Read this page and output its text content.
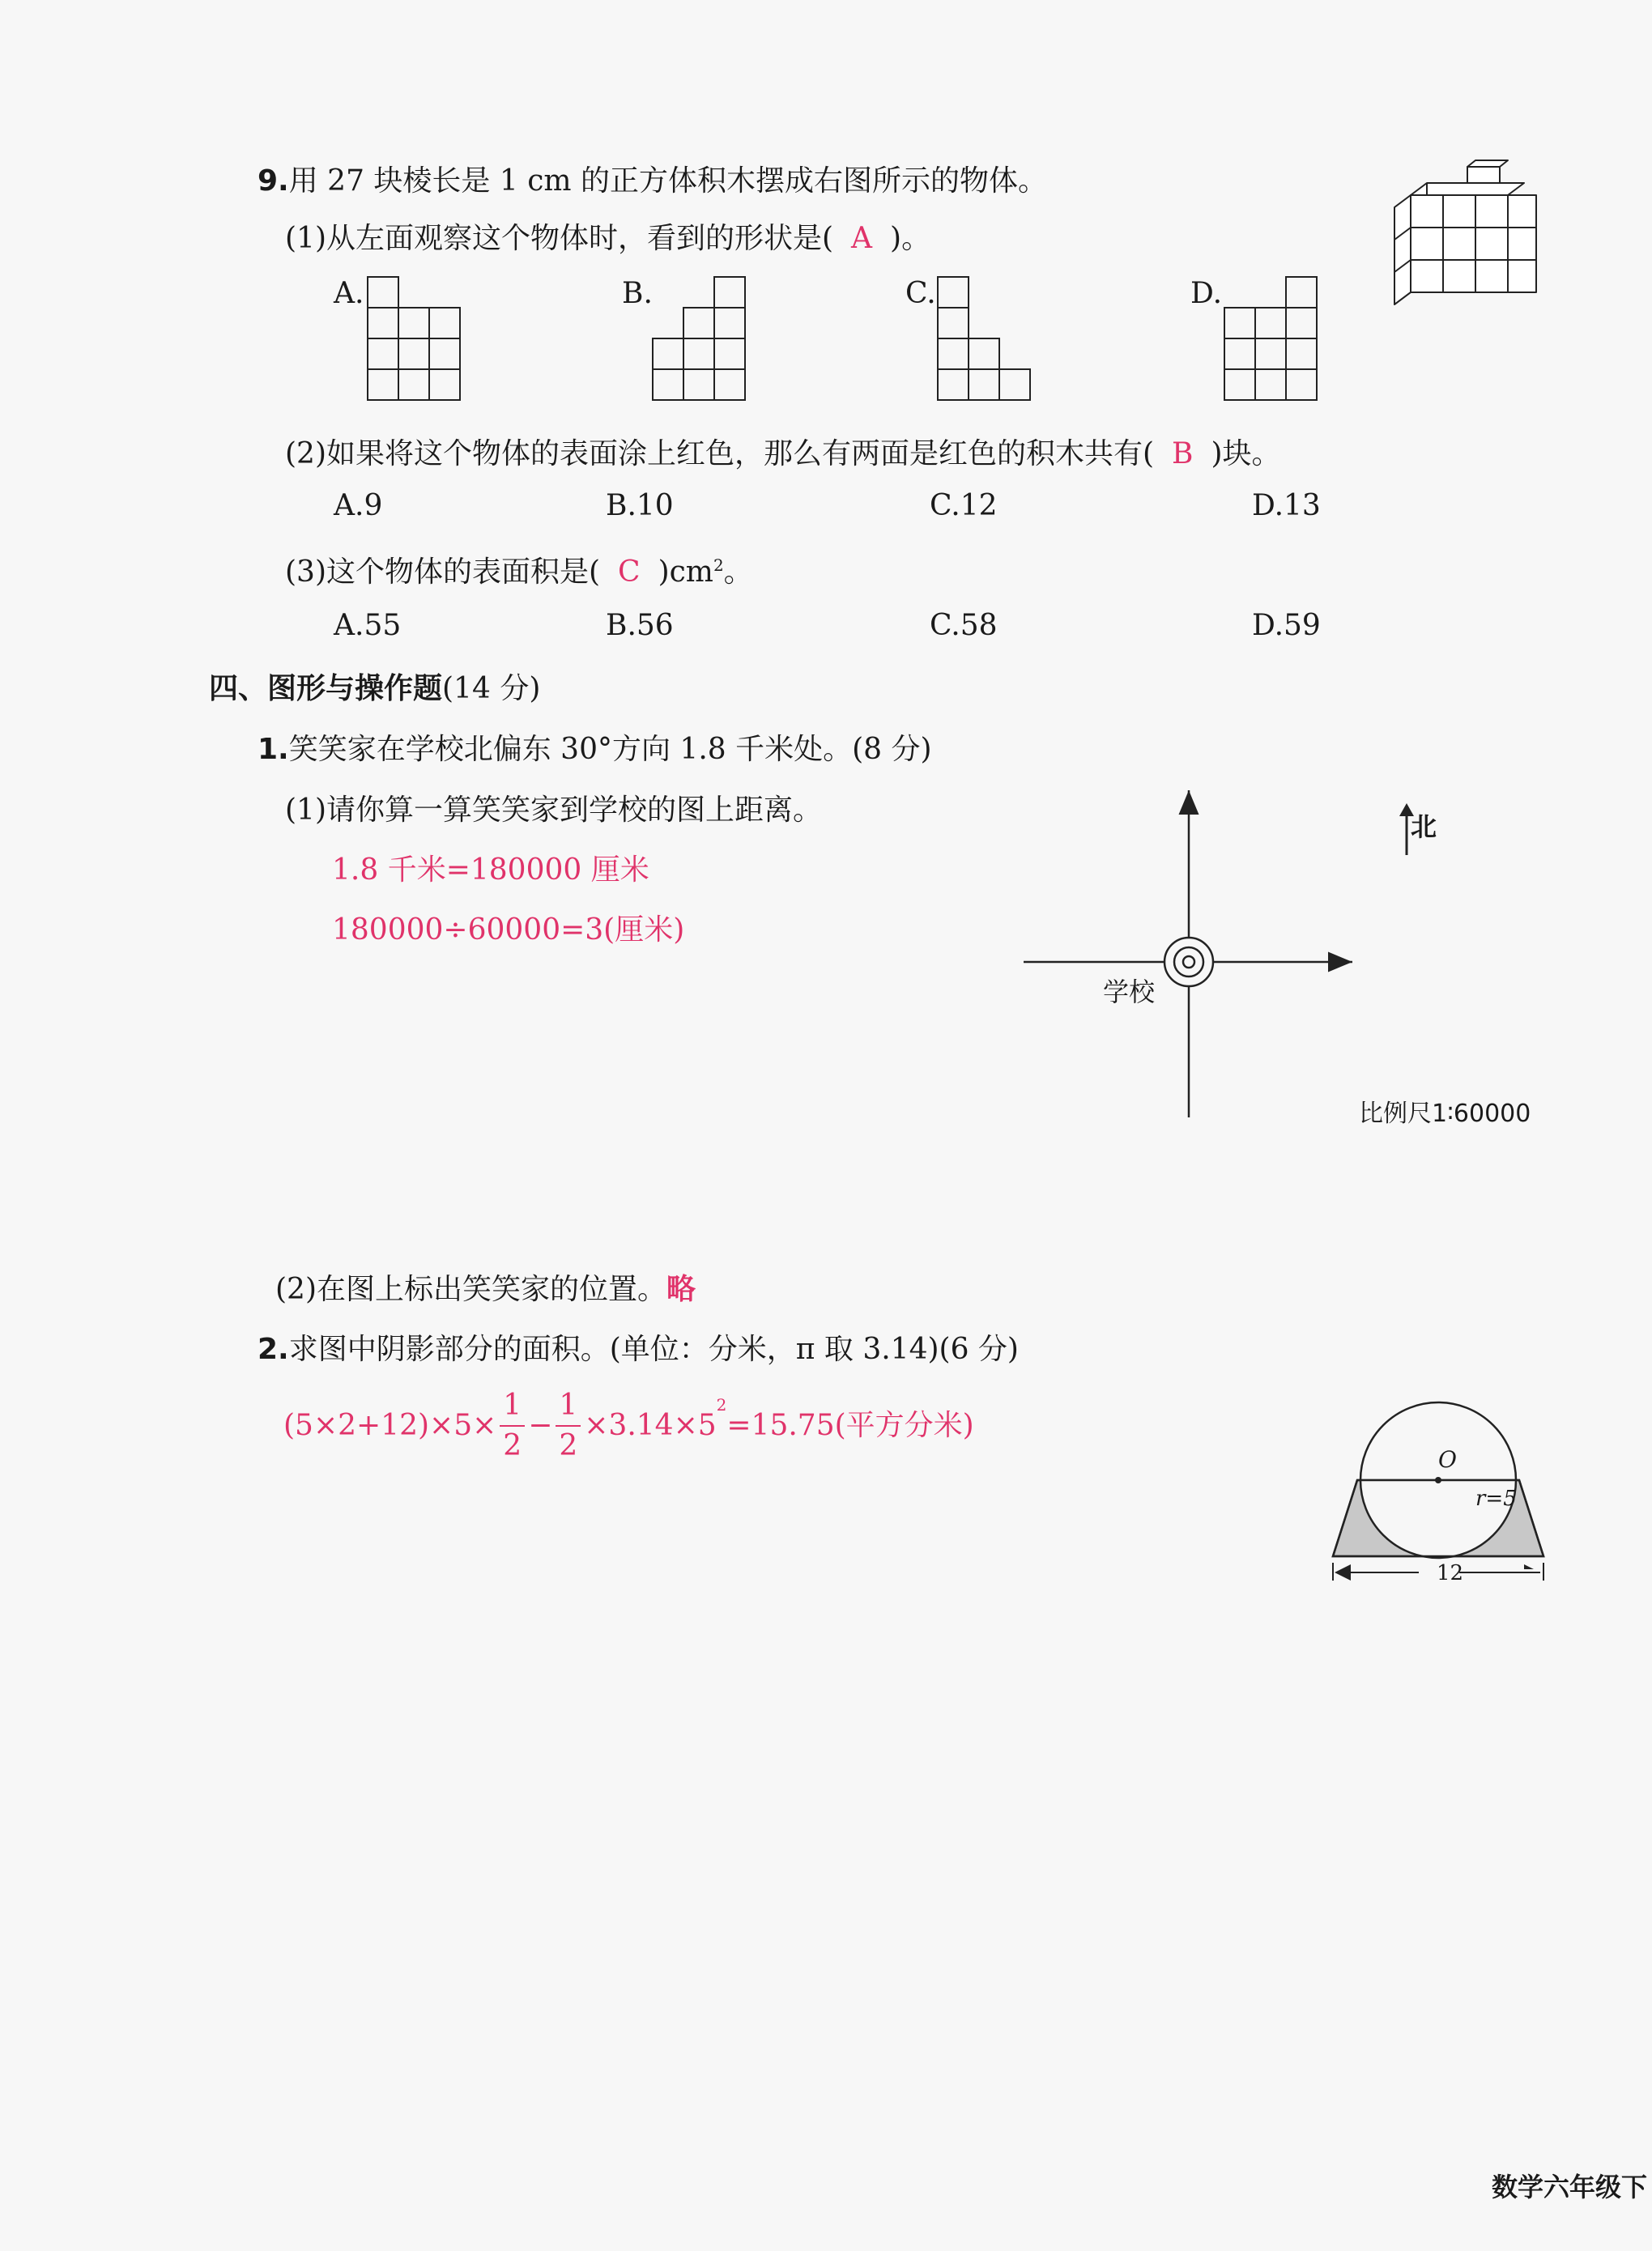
9.用 27 块棱长是 1 cm 的正方体积木摆成右图所示的物体。
(1)从左面观察这个物体时，看到的形状是( A )。
A.	B.	C.	D.
(2)如果将这个物体的表面涂上红色，那么有两面是红色的积木共有( B )块。
A.9	B.10	C.12	D.13
(3)这个物体的表面积是( C )$cm^2$。
A.55	B.56	C.58	D.59
四、图形与操作题(14 分)
1.笑笑家在学校北偏东 30°方向 1.8 千米处。(8 分)
(1)请你算一算笑笑家到学校的图上距离。
1.8 千米=180000 厘米
180000÷60000=3(厘米)
学校
北
比例尺1∶60000
(2)在图上标出笑笑家的位置。略
2.求图中阴影部分的面积。(单位：分米，π 取 3.14)(6 分)
$(5\times 2+12)\times 5\times \frac{1}{2} - \frac{1}{2} \times 3.14\times 5^2=15.75$(平方分米)
O
r=5
12
数学六年级下
